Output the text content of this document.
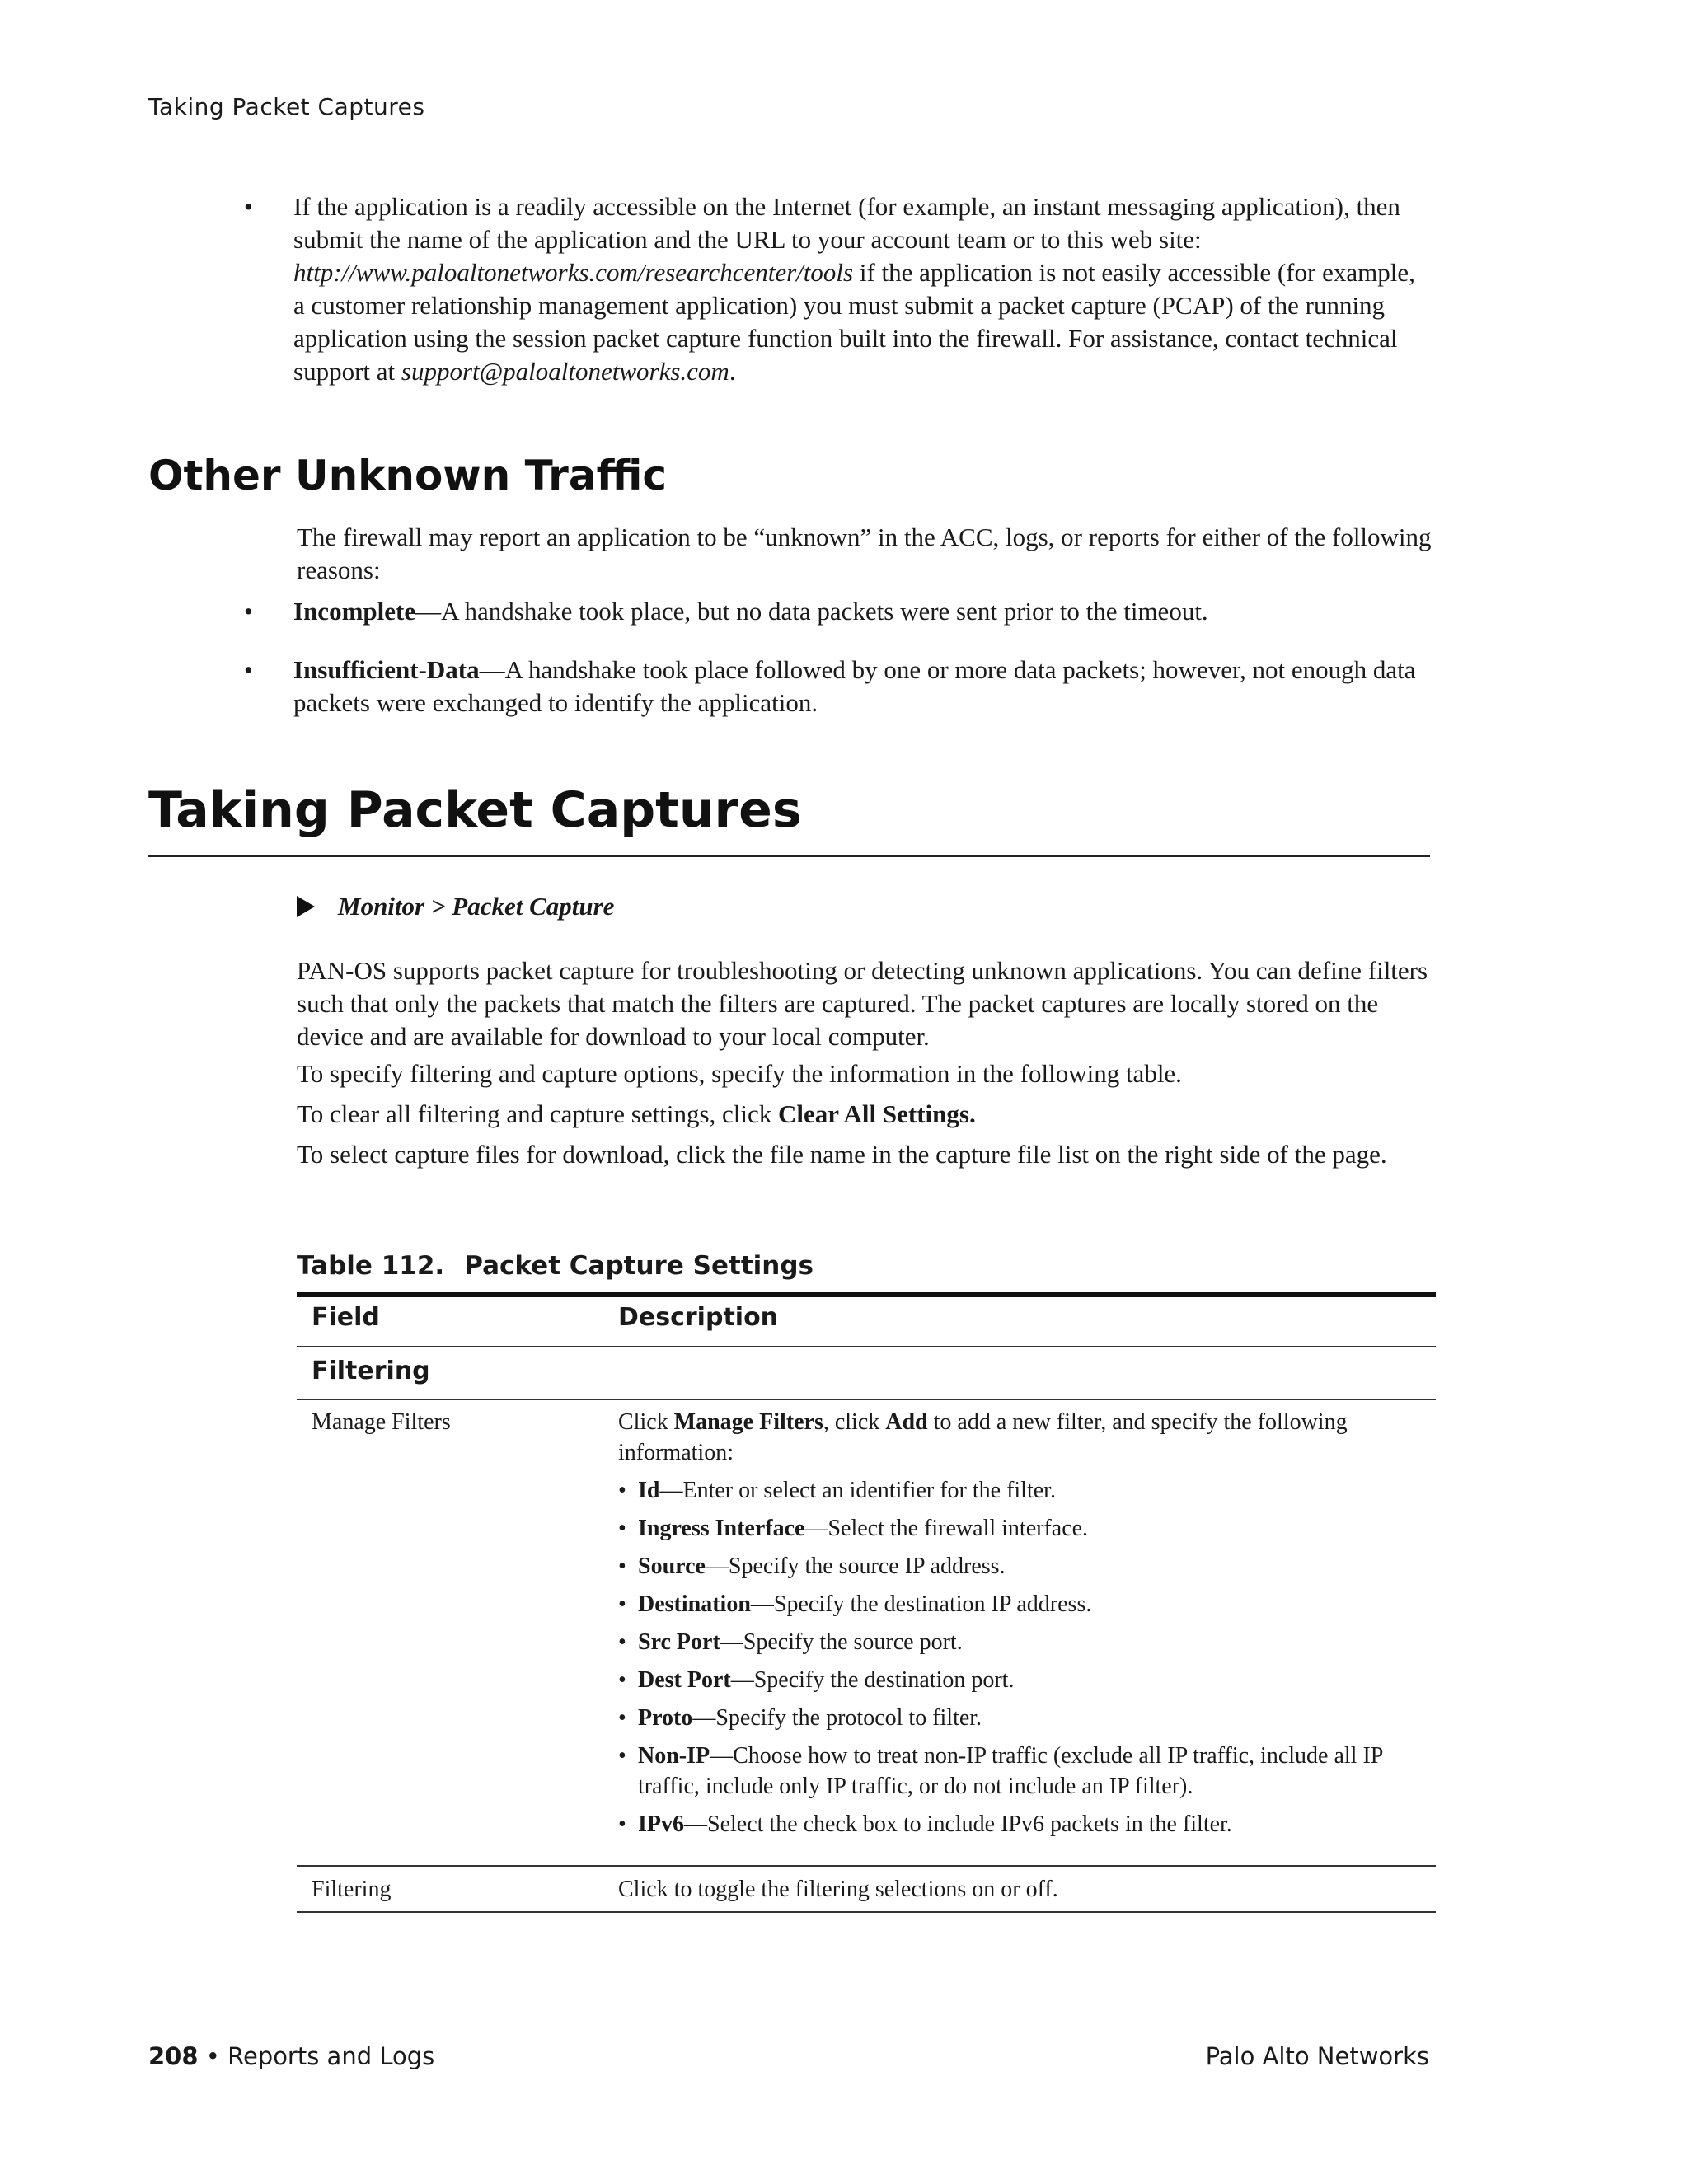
Taking Packet Captures
• If the application is a readily accessible on the Internet (for example, an instant messaging application), then submit the name of the application and the URL to your account team or to this web site: http://www.paloaltonetworks.com/researchcenter/tools if the application is not easily accessible (for example, a customer relationship management application) you must submit a packet capture (PCAP) of the running application using the session packet capture function built into the firewall. For assistance, contact technical support at support@paloaltonetworks.com.
Other Unknown Traffic
The firewall may report an application to be “unknown” in the ACC, logs, or reports for either of the following reasons:
• Incomplete—A handshake took place, but no data packets were sent prior to the timeout.
• Insufficient-Data—A handshake took place followed by one or more data packets; however, not enough data packets were exchanged to identify the application.
Taking Packet Captures
Monitor > Packet Capture
PAN-OS supports packet capture for troubleshooting or detecting unknown applications. You can define filters such that only the packets that match the filters are captured. The packet captures are locally stored on the device and are available for download to your local computer.
To specify filtering and capture options, specify the information in the following table.
To clear all filtering and capture settings, click Clear All Settings.
To select capture files for download, click the file name in the capture file list on the right side of the page.
Table 112. Packet Capture Settings
Field	Description
Filtering
Manage Filters	Click Manage Filters, click Add to add a new filter, and specify the following information:
• Id—Enter or select an identifier for the filter.
• Ingress Interface—Select the firewall interface.
• Source—Specify the source IP address.
• Destination—Specify the destination IP address.
• Src Port—Specify the source port.
• Dest Port—Specify the destination port.
• Proto—Specify the protocol to filter.
• Non-IP—Choose how to treat non-IP traffic (exclude all IP traffic, include all IP traffic, include only IP traffic, or do not include an IP filter).
• IPv6—Select the check box to include IPv6 packets in the filter.
Filtering	Click to toggle the filtering selections on or off.
208 • Reports and Logs	Palo Alto Networks
